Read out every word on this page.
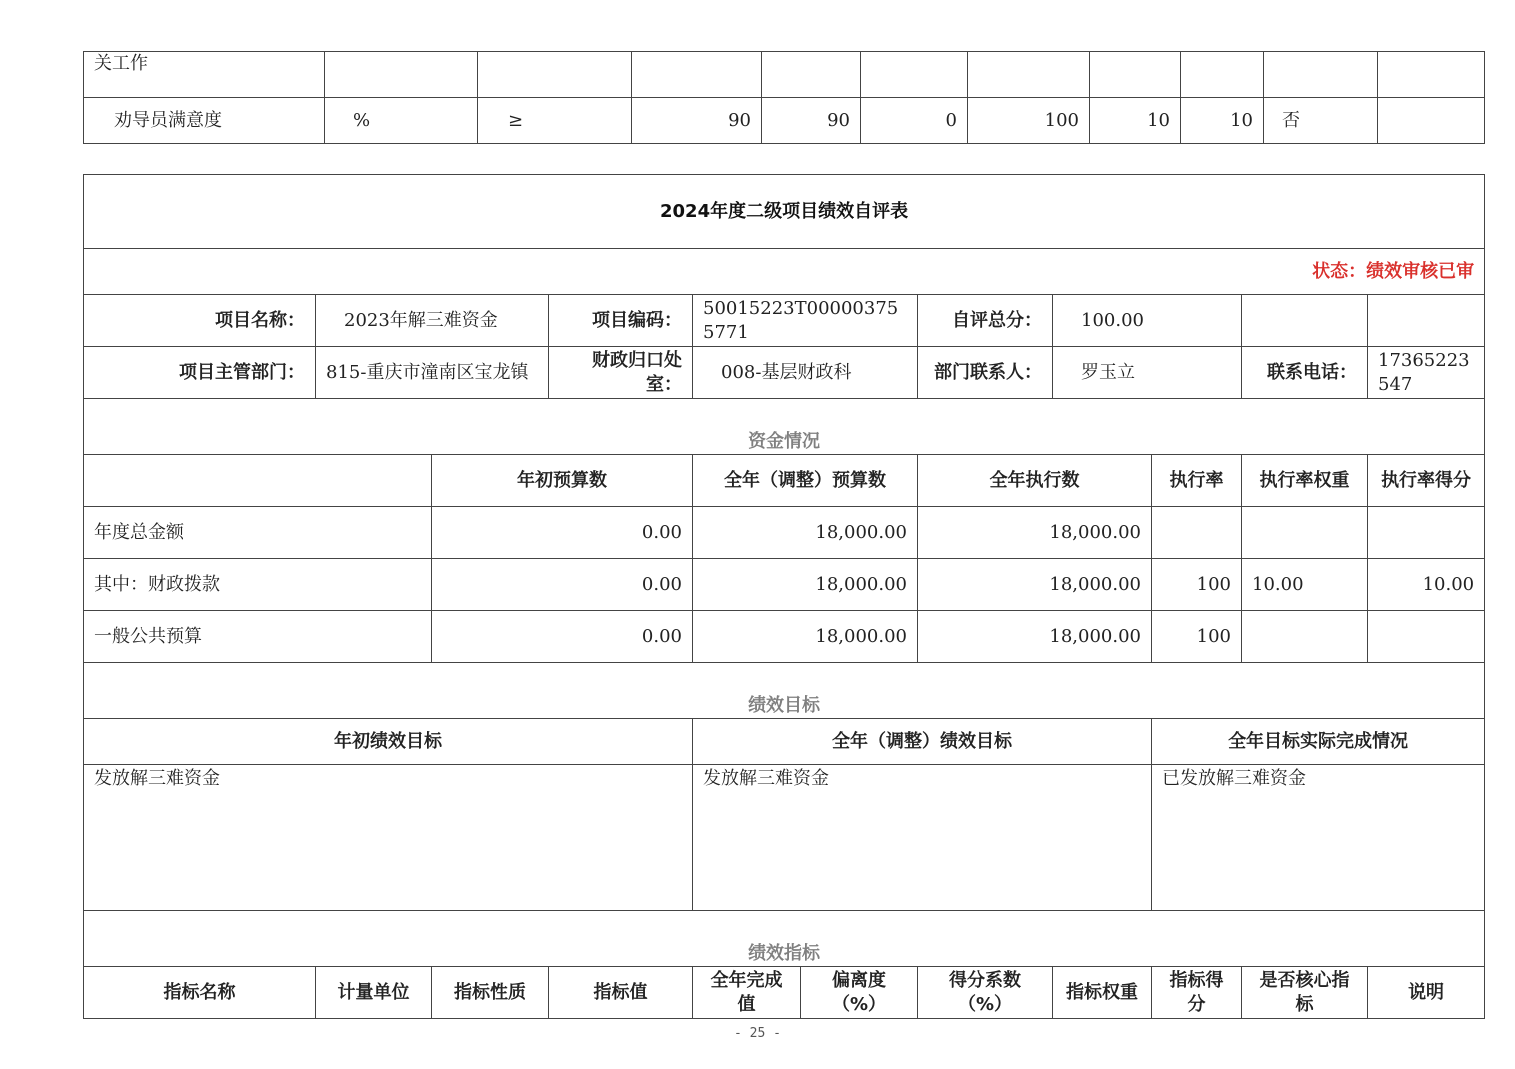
关工作										
劝导员满意度	%	≥	90	90	0	100	10	10	否	
2024年度二级项目绩效自评表										
状态：绩效审核已审										
项目名称：	2023年解三难资金		项目编码：	50015223T000003755771		自评总分：	100.00			
项目主管部门：	815-重庆市潼南区宝龙镇		财政归口处室：	008-基层财政科		部门联系人：	罗玉立		联系电话：	17365223547
资金情况										
		年初预算数		全年（调整）预算数		全年执行数		执行率	执行率权重	执行率得分
年度总金额		0.00		18,000.00		18,000.00				
其中：财政拨款		0.00		18,000.00		18,000.00		100	10.00	10.00
一般公共预算		0.00		18,000.00		18,000.00		100		
绩效目标										
年初绩效目标				全年（调整）绩效目标				全年目标实际完成情况		
发放解三难资金				发放解三难资金				已发放解三难资金		
绩效指标										
指标名称	计量单位	指标性质	指标值	全年完成值	偏离度（%）	得分系数（%）	指标权重	指标得分	是否核心指标	说明
- 25 -
